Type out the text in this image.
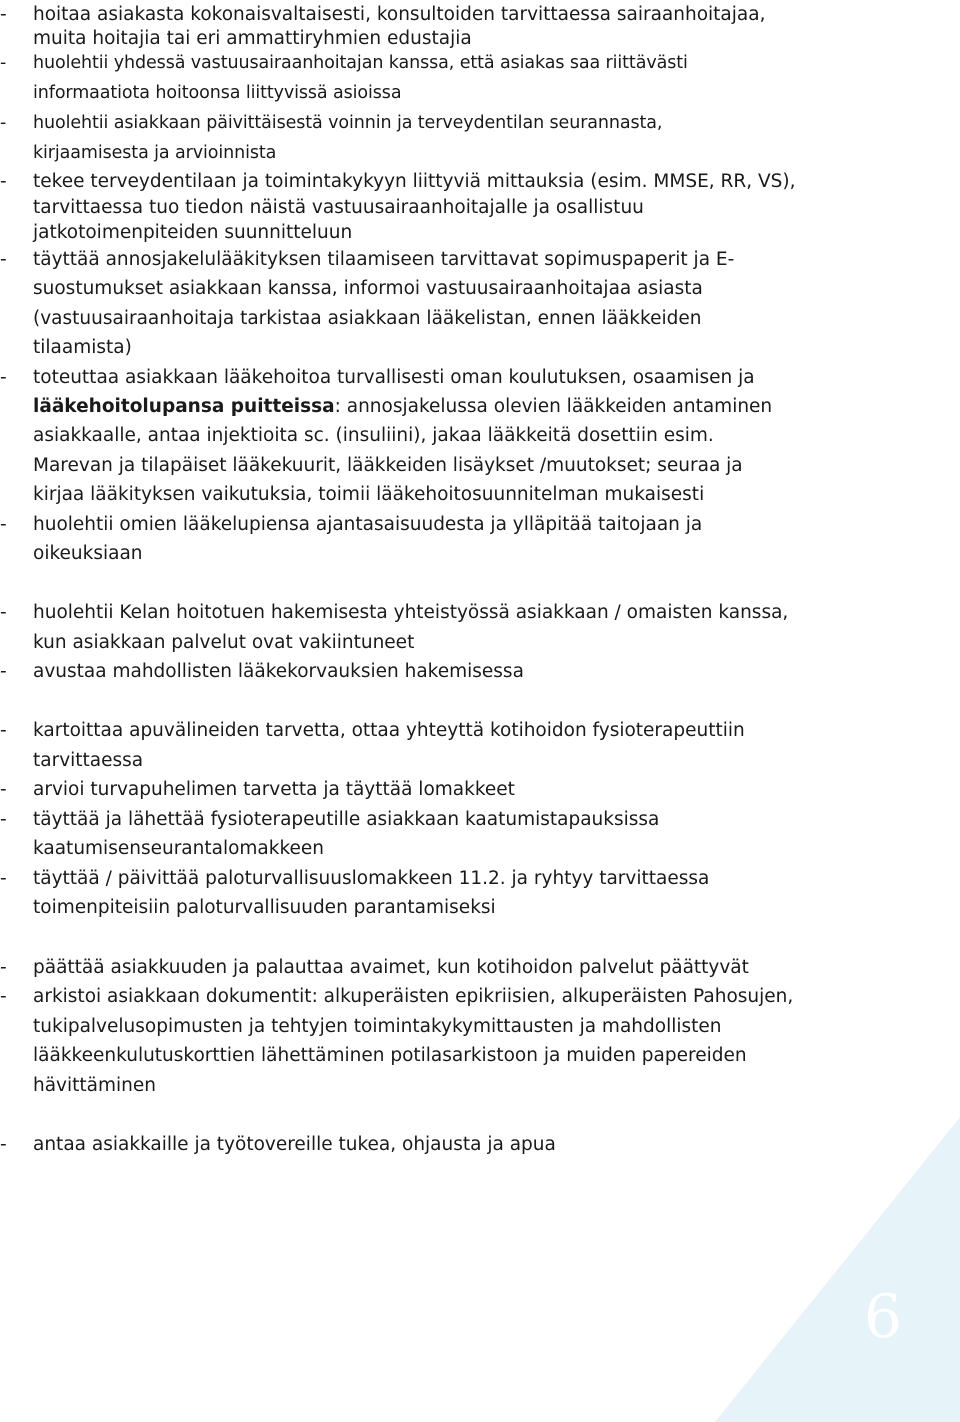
6
-	hoitaa asiakasta kokonaisvaltaisesti, konsultoiden tarvittaessa sairaanhoitajaa,
muita hoitajia tai eri ammattiryhmien edustajia
-	huolehtii yhdessä vastuusairaanhoitajan kanssa, että asiakas saa riittävästi
informaatiota hoitoonsa liittyvissä asioissa
-	huolehtii asiakkaan päivittäisestä voinnin ja terveydentilan seurannasta,
kirjaamisesta ja arvioinnista
-	tekee terveydentilaan ja toimintakykyyn liittyviä mittauksia (esim. MMSE, RR, VS),
tarvittaessa tuo tiedon näistä vastuusairaanhoitajalle ja osallistuu
jatkotoimenpiteiden suunnitteluun
-	täyttää annosjakelulääkityksen tilaamiseen tarvittavat sopimuspaperit ja E-
suostumukset asiakkaan kanssa, informoi vastuusairaanhoitajaa asiasta
(vastuusairaanhoitaja tarkistaa asiakkaan lääkelistan, ennen lääkkeiden
tilaamista)
-	toteuttaa asiakkaan lääkehoitoa turvallisesti oman koulutuksen, osaamisen ja
lääkehoitolupansa puitteissa: annosjakelussa olevien lääkkeiden antaminen
asiakkaalle, antaa injektioita sc. (insuliini), jakaa lääkkeitä dosettiin esim.
Marevan ja tilapäiset lääkekuurit, lääkkeiden lisäykset /muutokset; seuraa ja
kirjaa lääkityksen vaikutuksia, toimii lääkehoitosuunnitelman mukaisesti
-	huolehtii omien lääkelupiensa ajantasaisuudesta ja ylläpitää taitojaan ja
oikeuksiaan
-	huolehtii Kelan hoitotuen hakemisesta yhteistyössä asiakkaan / omaisten kanssa,
kun asiakkaan palvelut ovat vakiintuneet
-	avustaa mahdollisten lääkekorvauksien hakemisessa
-	kartoittaa apuvälineiden tarvetta, ottaa yhteyttä kotihoidon fysioterapeuttiin
tarvittaessa
-	arvioi turvapuhelimen tarvetta ja täyttää lomakkeet
-	täyttää ja lähettää fysioterapeutille asiakkaan kaatumistapauksissa
kaatumisenseurantalomakkeen
-	täyttää / päivittää paloturvallisuuslomakkeen 11.2. ja ryhtyy tarvittaessa
toimenpiteisiin paloturvallisuuden parantamiseksi
-	päättää asiakkuuden ja palauttaa avaimet, kun kotihoidon palvelut päättyvät
-	arkistoi asiakkaan dokumentit: alkuperäisten epikriisien, alkuperäisten Pahosujen,
tukipalvelusopimusten ja tehtyjen toimintakykymittausten ja mahdollisten
lääkkeenkulutuskorttien lähettäminen potilasarkistoon ja muiden papereiden
hävittäminen
-	antaa asiakkaille ja työtovereille tukea, ohjausta ja apua
